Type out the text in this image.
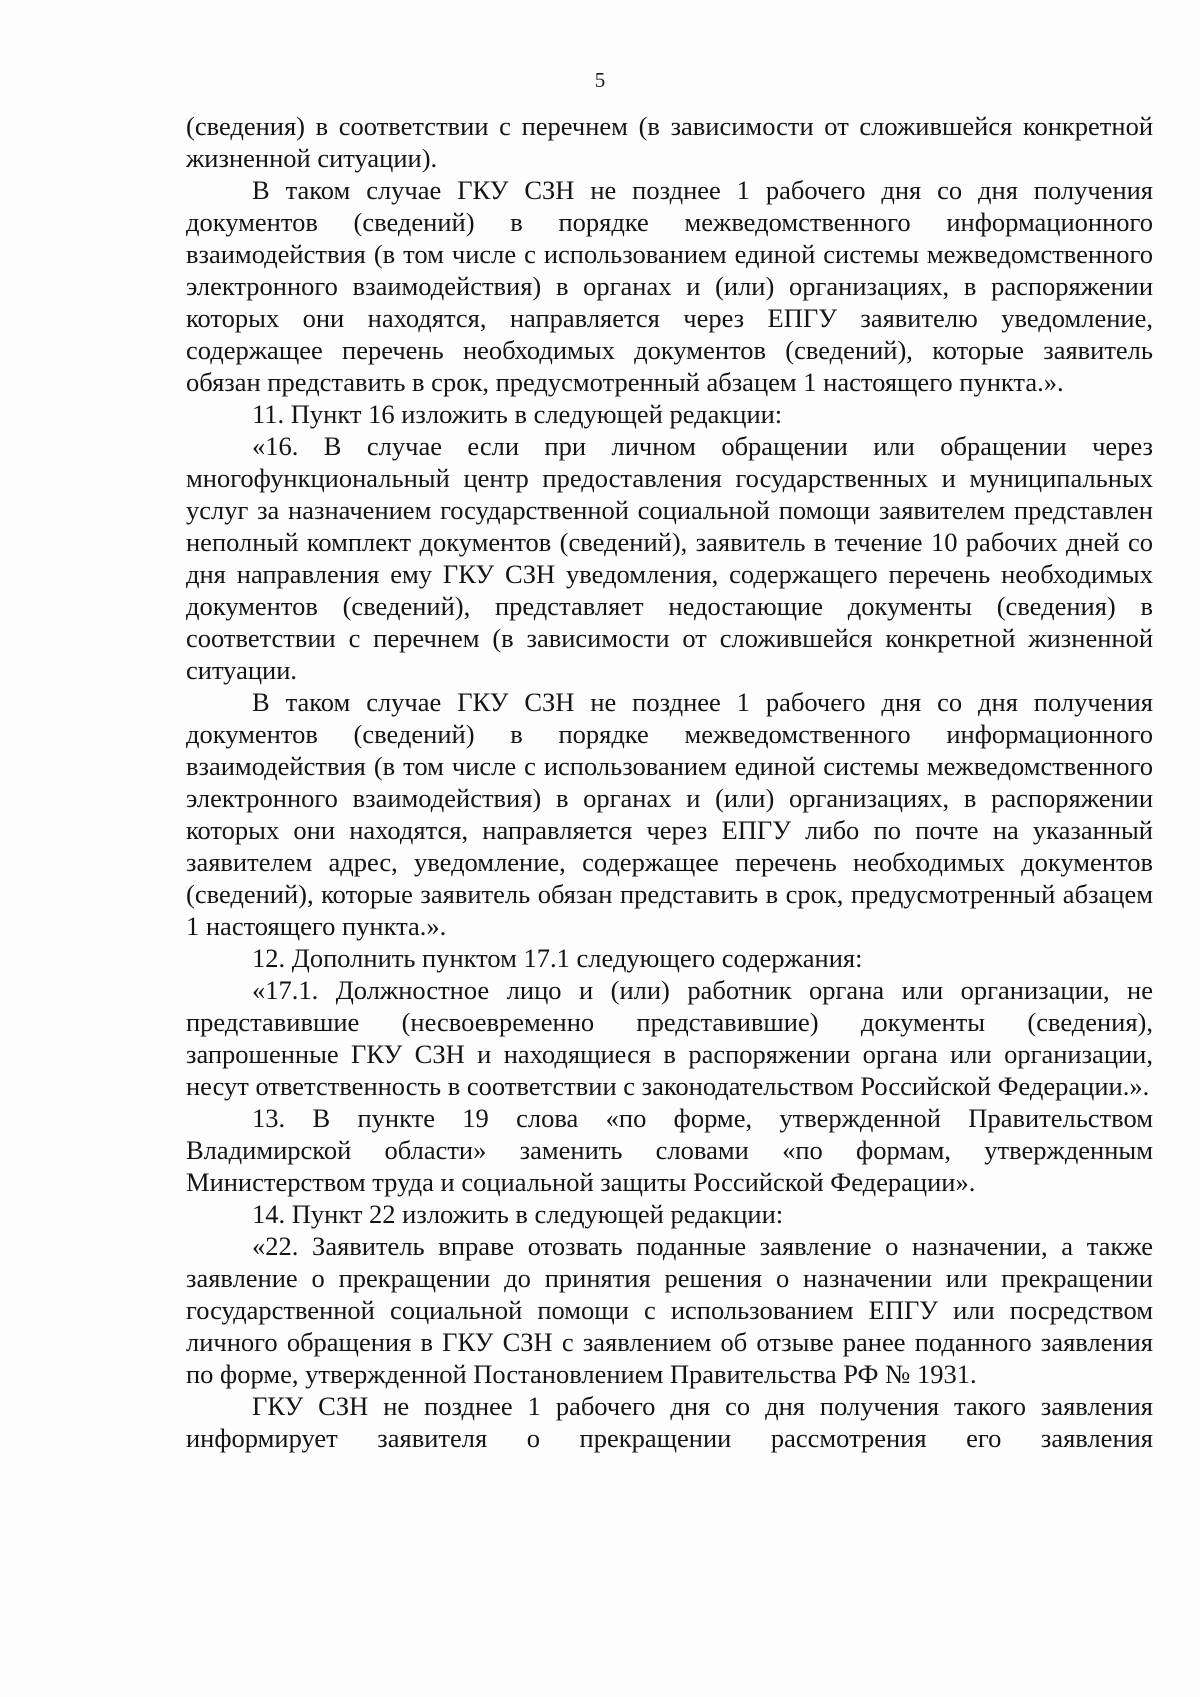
5

(сведения) в соответствии с перечнем (в зависимости от сложившейся конкретной жизненной ситуации).

В таком случае ГКУ СЗН не позднее 1 рабочего дня со дня получения документов (сведений) в порядке межведомственного информационного взаимодействия (в том числе с использованием единой системы межведомственного электронного взаимодействия) в органах и (или) организациях, в распоряжении которых они находятся, направляется через ЕПГУ заявителю уведомление, содержащее перечень необходимых документов (сведений), которые заявитель обязан представить в срок, предусмотренный абзацем 1 настоящего пункта.».

11. Пункт 16 изложить в следующей редакции:

«16. В случае если при личном обращении или обращении через многофункциональный центр предоставления государственных и муниципальных услуг за назначением государственной социальной помощи заявителем представлен неполный комплект документов (сведений), заявитель в течение 10 рабочих дней со дня направления ему ГКУ СЗН уведомления, содержащего перечень необходимых документов (сведений), представляет недостающие документы (сведения) в соответствии с перечнем (в зависимости от сложившейся конкретной жизненной ситуации.

В таком случае ГКУ СЗН не позднее 1 рабочего дня со дня получения документов (сведений) в порядке межведомственного информационного взаимодействия (в том числе с использованием единой системы межведомственного электронного взаимодействия) в органах и (или) организациях, в распоряжении которых они находятся, направляется через ЕПГУ либо по почте на указанный заявителем адрес, уведомление, содержащее перечень необходимых документов (сведений), которые заявитель обязан представить в срок, предусмотренный абзацем 1 настоящего пункта.».

12. Дополнить пунктом 17.1 следующего содержания:

«17.1. Должностное лицо и (или) работник органа или организации, не представившие (несвоевременно представившие) документы (сведения), запрошенные ГКУ СЗН и находящиеся в распоряжении органа или организации, несут ответственность в соответствии с законодательством Российской Федерации.».

13. В пункте 19 слова «по форме, утвержденной Правительством Владимирской области» заменить словами «по формам, утвержденным Министерством труда и социальной защиты Российской Федерации».

14. Пункт 22 изложить в следующей редакции:

«22. Заявитель вправе отозвать поданные заявление о назначении, а также заявление о прекращении до принятия решения о назначении или прекращении государственной социальной помощи с использованием ЕПГУ или посредством личного обращения в ГКУ СЗН с заявлением об отзыве ранее поданного заявления по форме, утвержденной Постановлением Правительства РФ № 1931.

ГКУ СЗН не позднее 1 рабочего дня со дня получения такого заявления информирует заявителя о прекращении рассмотрения его заявления
